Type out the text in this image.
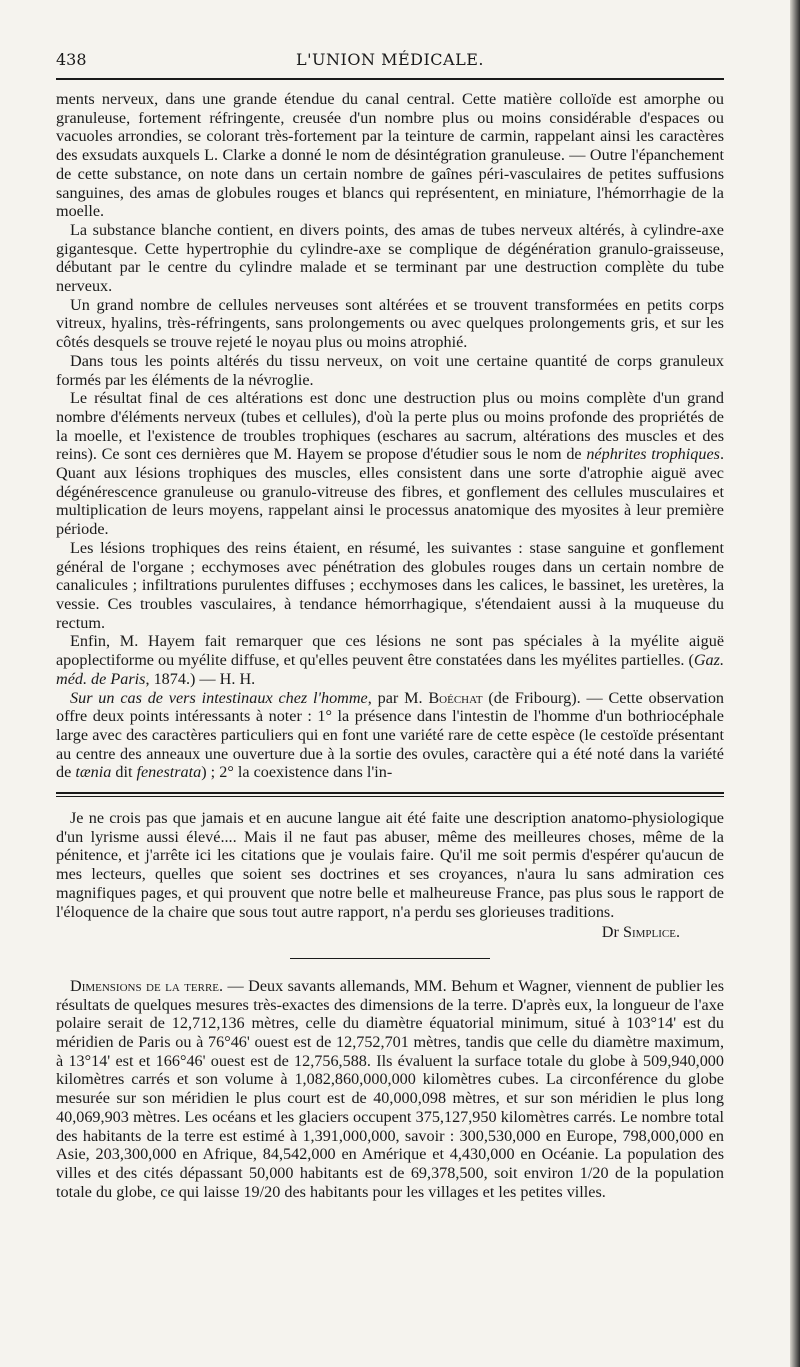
438	L'UNION MÉDICALE.

ments nerveux, dans une grande étendue du canal central. Cette matière colloïde est amorphe ou granuleuse, fortement réfringente, creusée d'un nombre plus ou moins considérable d'espaces ou vacuoles arrondies, se colorant très-fortement par la teinture de carmin, rappelant ainsi les caractères des exsudats auxquels L. Clarke a donné le nom de désintégration granuleuse. — Outre l'épanchement de cette substance, on note dans un certain nombre de gaînes péri-vasculaires de petites suffusions sanguines, des amas de globules rouges et blancs qui représentent, en miniature, l'hémorrhagie de la moelle.

La substance blanche contient, en divers points, des amas de tubes nerveux altérés, à cylindre-axe gigantesque. Cette hypertrophie du cylindre-axe se complique de dégénération granulo-graisseuse, débutant par le centre du cylindre malade et se terminant par une destruction complète du tube nerveux.

Un grand nombre de cellules nerveuses sont altérées et se trouvent transformées en petits corps vitreux, hyalins, très-réfringents, sans prolongements ou avec quelques prolongements gris, et sur les côtés desquels se trouve rejeté le noyau plus ou moins atrophié.

Dans tous les points altérés du tissu nerveux, on voit une certaine quantité de corps granuleux formés par les éléments de la névroglie.

Le résultat final de ces altérations est donc une destruction plus ou moins complète d'un grand nombre d'éléments nerveux (tubes et cellules), d'où la perte plus ou moins profonde des propriétés de la moelle, et l'existence de troubles trophiques (eschares au sacrum, altérations des muscles et des reins). Ce sont ces dernières que M. Hayem se propose d'étudier sous le nom de néphrites trophiques. Quant aux lésions trophiques des muscles, elles consistent dans une sorte d'atrophie aiguë avec dégénérescence granuleuse ou granulo-vitreuse des fibres, et gonflement des cellules musculaires et multiplication de leurs moyens, rappelant ainsi le processus anatomique des myosites à leur première période.

Les lésions trophiques des reins étaient, en résumé, les suivantes : stase sanguine et gonflement général de l'organe ; ecchymoses avec pénétration des globules rouges dans un certain nombre de canalicules ; infiltrations purulentes diffuses ; ecchymoses dans les calices, le bassinet, les uretères, la vessie. Ces troubles vasculaires, à tendance hémorrhagique, s'étendaient aussi à la muqueuse du rectum.

Enfin, M. Hayem fait remarquer que ces lésions ne sont pas spéciales à la myélite aiguë apoplectiforme ou myélite diffuse, et qu'elles peuvent être constatées dans les myélites partielles. (Gaz. méd. de Paris, 1874.) — H. H.

Sur un cas de vers intestinaux chez l'homme, par M. Boéchat (de Fribourg). — Cette observation offre deux points intéressants à noter : 1° la présence dans l'intestin de l'homme d'un bothriocéphale large avec des caractères particuliers qui en font une variété rare de cette espèce (le cestoïde présentant au centre des anneaux une ouverture due à la sortie des ovules, caractère qui a été noté dans la variété de tænia dit fenestrata) ; 2° la coexistence dans l'in-

Je ne crois pas que jamais et en aucune langue ait été faite une description anatomo-physiologique d'un lyrisme aussi élevé.... Mais il ne faut pas abuser, même des meilleures choses, même de la pénitence, et j'arrête ici les citations que je voulais faire. Qu'il me soit permis d'espérer qu'aucun de mes lecteurs, quelles que soient ses doctrines et ses croyances, n'aura lu sans admiration ces magnifiques pages, et qui prouvent que notre belle et malheureuse France, pas plus sous le rapport de l'éloquence de la chaire que sous tout autre rapport, n'a perdu ses glorieuses traditions.

Dr Simplice.

Dimensions de la terre. — Deux savants allemands, MM. Behum et Wagner, viennent de publier les résultats de quelques mesures très-exactes des dimensions de la terre. D'après eux, la longueur de l'axe polaire serait de 12,712,136 mètres, celle du diamètre équatorial minimum, situé à 103°14' est du méridien de Paris ou à 76°46' ouest est de 12,752,701 mètres, tandis que celle du diamètre maximum, à 13°14' est et 166°46' ouest est de 12,756,588. Ils évaluent la surface totale du globe à 509,940,000 kilomètres carrés et son volume à 1,082,860,000,000 kilomètres cubes. La circonférence du globe mesurée sur son méridien le plus court est de 40,000,098 mètres, et sur son méridien le plus long 40,069,903 mètres. Les océans et les glaciers occupent 375,127,950 kilomètres carrés. Le nombre total des habitants de la terre est estimé à 1,391,000,000, savoir : 300,530,000 en Europe, 798,000,000 en Asie, 203,300,000 en Afrique, 84,542,000 en Amérique et 4,430,000 en Océanie. La population des villes et des cités dépassant 50,000 habitants est de 69,378,500, soit environ 1/20 de la population totale du globe, ce qui laisse 19/20 des habitants pour les villages et les petites villes.
